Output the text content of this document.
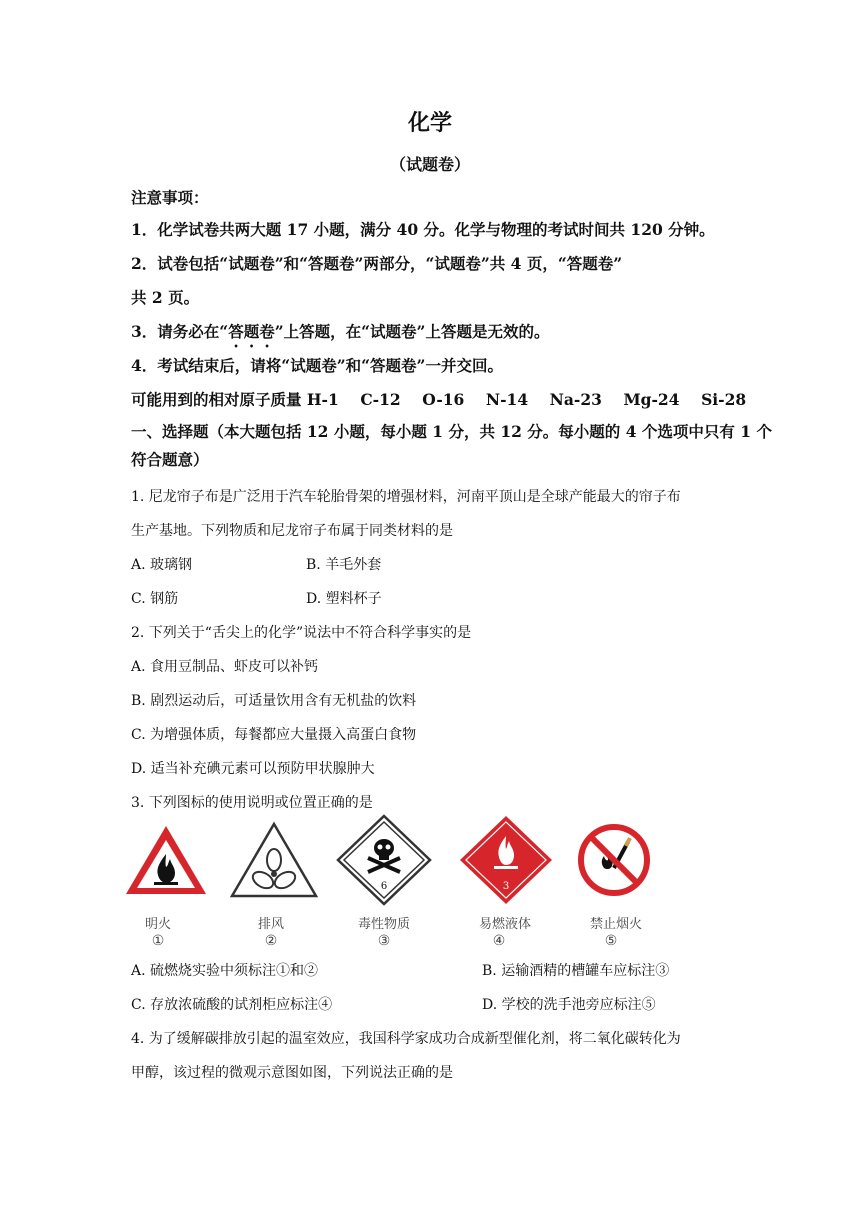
化学
（试题卷）
注意事项：
1．化学试卷共两大题 17 小题，满分 40 分。化学与物理的考试时间共 120 分钟。
2．试卷包括“试题卷”和“答题卷”两部分，“试题卷”共 4 页，“答题卷”
共 2 页。
3．请务必在“答题卷”上答题，在“试题卷”上答题是无效的。
4．考试结束后，请将“试题卷”和“答题卷”一并交回。
可能用到的相对原子质量 H-1    C-12    O-16    N-14    Na-23    Mg-24    Si-28
一、选择题（本大题包括 12 小题，每小题 1 分，共 12 分。每小题的 4 个选项中只有 1 个
符合题意）
1. 尼龙帘子布是广泛用于汽车轮胎骨架的增强材料，河南平顶山是全球产能最大的帘子布
生产基地。下列物质和尼龙帘子布属于同类材料的是
A. 玻璃钢	B. 羊毛外套
C. 钢筋	D. 塑料杯子
2. 下列关于“舌尖上的化学”说法中不符合科学事实的是
A. 食用豆制品、虾皮可以补钙
B. 剧烈运动后，可适量饮用含有无机盐的饮料
C. 为增强体质，每餐都应大量摄入高蛋白食物
D. 适当补充碘元素可以预防甲状腺肿大
3. 下列图标的使用说明或位置正确的是
明火
①
排风
②
6
毒性物质
③
3
易燃液体
④
禁止烟火
⑤
A. 硫燃烧实验中须标注①和②	B. 运输酒精的槽罐车应标注③
C. 存放浓硫酸的试剂柜应标注④	D. 学校的洗手池旁应标注⑤
4. 为了缓解碳排放引起的温室效应，我国科学家成功合成新型催化剂，将二氧化碳转化为
甲醇，该过程的微观示意图如图，下列说法正确的是
